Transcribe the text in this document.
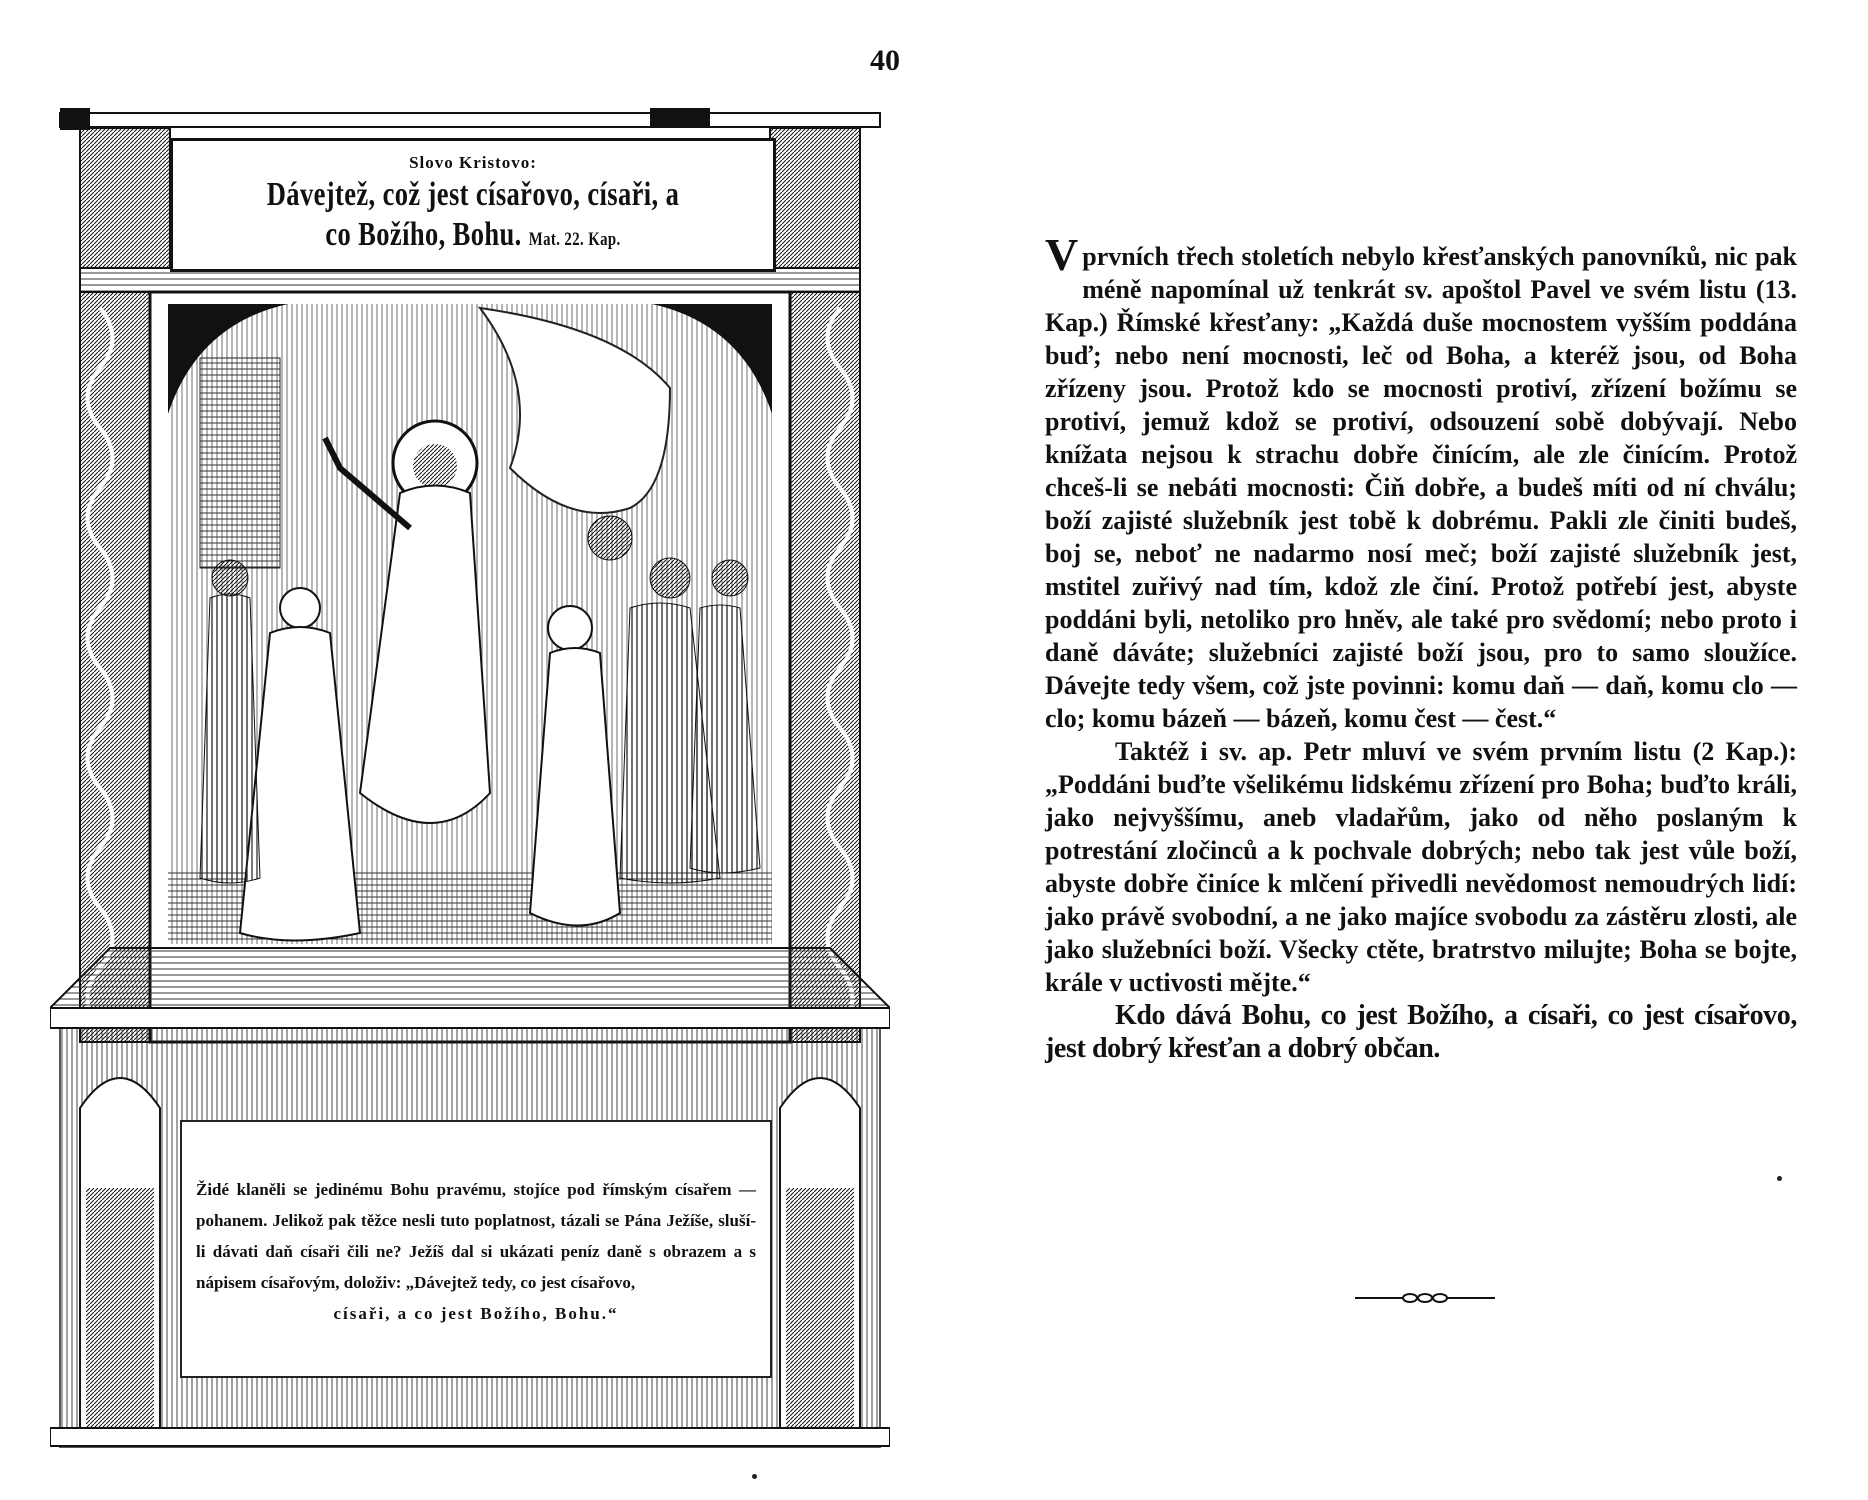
40
Slovo Kristovo:
Dávejtež, což jest císařovo, císaři, a
co Božího, Bohu. Mat. 22. Kap.
Židé klaněli se jedinému Bohu pravému, stojíce pod římským císařem — pohanem. Jelikož pak těžce nesli tuto poplatnost, tázali se Pána Ježíše, sluší-li dávati daň císaři čili ne? Ježíš dal si ukázati peníz daně s obrazem a s nápisem císařovým, doloživ: „Dávejtež tedy, co jest císařovo,
císaři, a co jest Božího, Bohu.“

Vprvních třech stoletích nebylo křesťanských panovníků, nic pak méně napomínal už tenkrát sv. apoštol Pavel ve svém listu (13. Kap.) Římské křesťany: „Každá duše mocnostem vyšším poddána buď; nebo není mocnosti, leč od Boha, a kteréž jsou, od Boha zřízeny jsou. Protož kdo se mocnosti protiví, zřízení božímu se protiví, jemuž kdož se protiví, odsouzení sobě dobývají. Nebo knížata nejsou k strachu dobře činícím, ale zle činícím. Protož chceš-li se nebáti mocnosti: Čiň dobře, a budeš míti od ní chválu; boží zajisté služebník jest tobě k dobrému. Pakli zle činiti budeš, boj se, neboť ne nadarmo nosí meč; boží zajisté služebník jest, mstitel zuřivý nad tím, kdož zle činí. Protož potřebí jest, abyste poddáni byli, netoliko pro hněv, ale také pro svědomí; nebo proto i daně dáváte; služebníci zajisté boží jsou, pro to samo sloužíce. Dávejte tedy všem, což jste povinni: komu daň — daň, komu clo — clo; komu bázeň — bázeň, komu čest — čest.“

Taktéž i sv. ap. Petr mluví ve svém prvním listu (2 Kap.): „Poddáni buďte všelikému lidskému zřízení pro Boha; buďto králi, jako nejvyššímu, aneb vladařům, jako od něho poslaným k potrestání zločinců a k pochvale dobrých; nebo tak jest vůle boží, abyste dobře činíce k mlčení přivedli nevědomost nemoudrých lidí: jako právě svobodní, a ne jako majíce svobodu za zástěru zlosti, ale jako služebníci boží. Všecky ctěte, bratrstvo milujte; Boha se bojte, krále v uctivosti mějte.“

Kdo dává Bohu, co jest Božího, a císaři, co jest císařovo, jest dobrý křesťan a dobrý občan.
